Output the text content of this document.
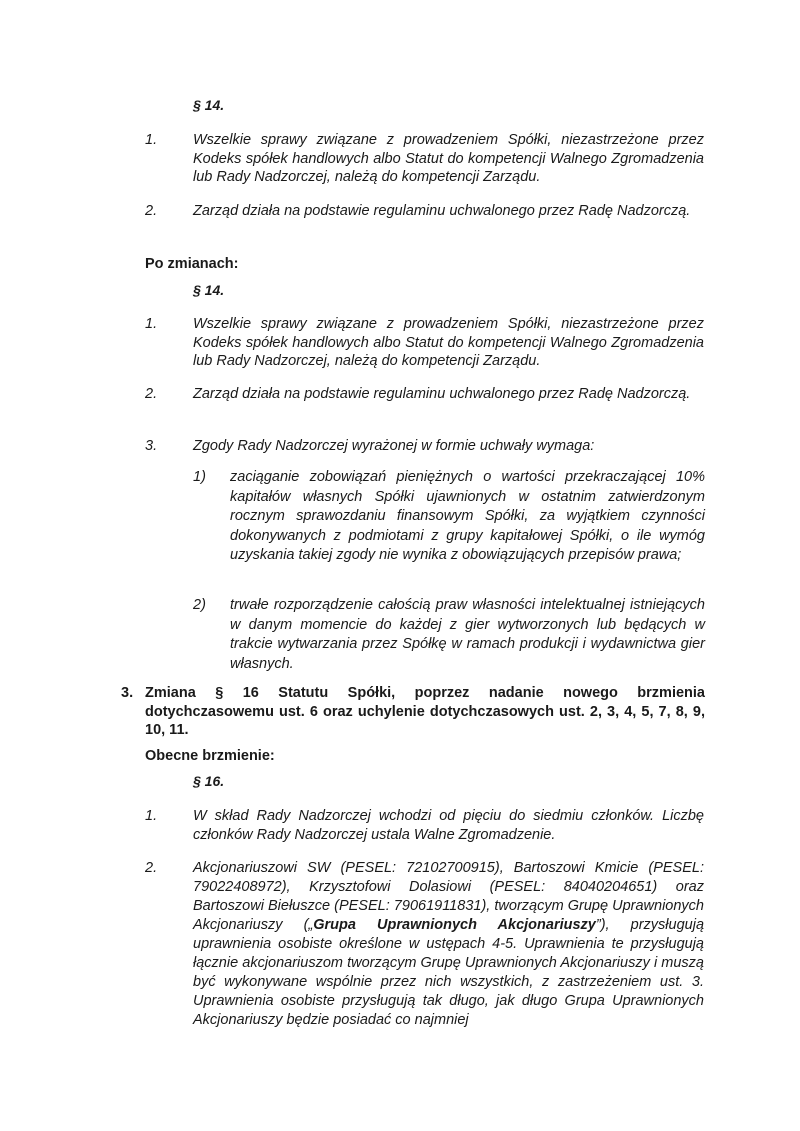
§ 14.
1. Wszelkie sprawy związane z prowadzeniem Spółki, niezastrzeżone przez Kodeks spółek handlowych albo Statut do kompetencji Walnego Zgromadzenia lub Rady Nadzorczej, należą do kompetencji Zarządu.
2. Zarząd działa na podstawie regulaminu uchwalonego przez Radę Nadzorczą.
Po zmianach:
§ 14.
1. Wszelkie sprawy związane z prowadzeniem Spółki, niezastrzeżone przez Kodeks spółek handlowych albo Statut do kompetencji Walnego Zgromadzenia lub Rady Nadzorczej, należą do kompetencji Zarządu.
2. Zarząd działa na podstawie regulaminu uchwalonego przez Radę Nadzorczą.
3. Zgody Rady Nadzorczej wyrażonej w formie uchwały wymaga:
1) zaciąganie zobowiązań pieniężnych o wartości przekraczającej 10% kapitałów własnych Spółki ujawnionych w ostatnim zatwierdzonym rocznym sprawozdaniu finansowym Spółki, za wyjątkiem czynności dokonywanych z podmiotami z grupy kapitałowej Spółki, o ile wymóg uzyskania takiej zgody nie wynika z obowiązujących przepisów prawa;
2) trwałe rozporządzenie całością praw własności intelektualnej istniejących w danym momencie do każdej z gier wytworzonych lub będących w trakcie wytwarzania przez Spółkę w ramach produkcji i wydawnictwa gier własnych.
3. Zmiana § 16 Statutu Spółki, poprzez nadanie nowego brzmienia dotychczasowemu ust. 6 oraz uchylenie dotychczasowych ust. 2, 3, 4, 5, 7, 8, 9, 10, 11.
Obecne brzmienie:
§ 16.
1. W skład Rady Nadzorczej wchodzi od pięciu do siedmiu członków. Liczbę członków Rady Nadzorczej ustala Walne Zgromadzenie.
2. Akcjonariuszowi SW (PESEL: 72102700915), Bartoszowi Kmicie (PESEL: 79022408972), Krzysztofowi Dolasiowi (PESEL: 84040204651) oraz Bartoszowi Biełuszce (PESEL: 79061911831), tworzącym Grupę Uprawnionych Akcjonariuszy („Grupa Uprawnionych Akcjonariuszy”), przysługują uprawnienia osobiste określone w ustępach 4-5. Uprawnienia te przysługują łącznie akcjonariuszom tworzącym Grupę Uprawnionych Akcjonariuszy i muszą być wykonywane wspólnie przez nich wszystkich, z zastrzeżeniem ust. 3. Uprawnienia osobiste przysługują tak długo, jak długo Grupa Uprawnionych Akcjonariuszy będzie posiadać co najmniej
